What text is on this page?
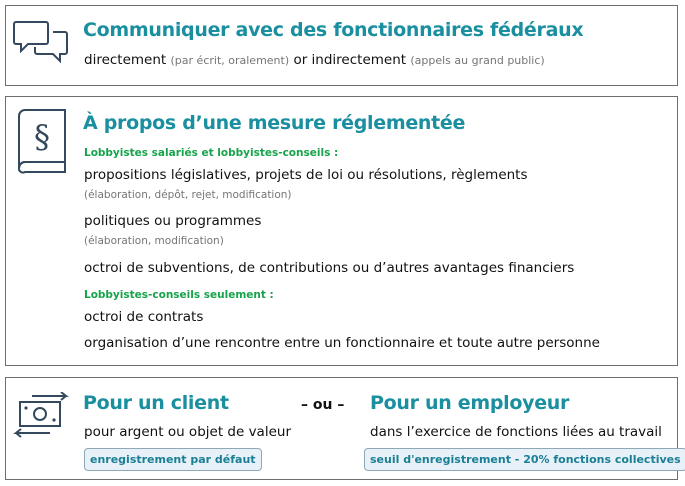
Communiquer avec des fonctionnaires fédéraux
directement (par écrit, oralement) or indirectement (appels au grand public)
§ À propos d’une mesure réglementée
Lobbyistes salariés et lobbyistes-conseils :
propositions législatives, projets de loi ou résolutions, règlements
(élaboration, dépôt, rejet, modification)
politiques ou programmes
(élaboration, modification)
octroi de subventions, de contributions ou d’autres avantages financiers
Lobbyistes-conseils seulement :
octroi de contrats
organisation d’une rencontre entre un fonctionnaire et toute autre personne
Pour un client	– ou – Pour un employeur
pour argent ou objet de valeur	dans l’exercice de fonctions liées au travail
enregistrement par défaut	seuil d'enregistrement - 20% fonctions collectives
